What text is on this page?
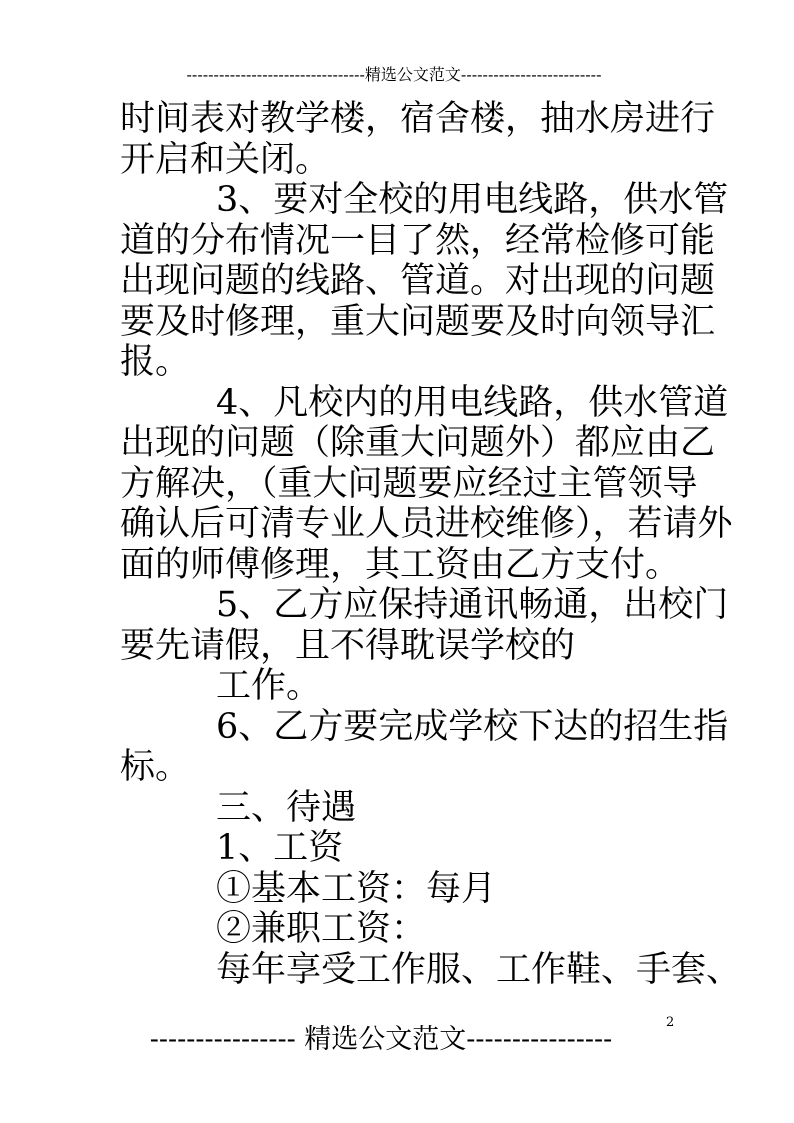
---------------------------------精选公文范文--------------------------
时间表对教学楼，宿舍楼，抽水房进行
开启和关闭。
3、要对全校的用电线路，供水管
道的分布情况一目了然，经常检修可能
出现问题的线路、管道。对出现的问题
要及时修理，重大问题要及时向领导汇
报。
4、凡校内的用电线路，供水管道
出现的问题（除重大问题外）都应由乙
方解决，（重大问题要应经过主管领导
确认后可清专业人员进校维修），若请外
面的师傅修理，其工资由乙方支付。
5、乙方应保持通讯畅通，出校门
要先请假，且不得耽误学校的
工作。
6、乙方要完成学校下达的招生指
标。
三、待遇
1、工资
①基本工资：每月
②兼职工资：
每年享受工作服、工作鞋、手套、
2
---------------- 精选公文范文----------------
